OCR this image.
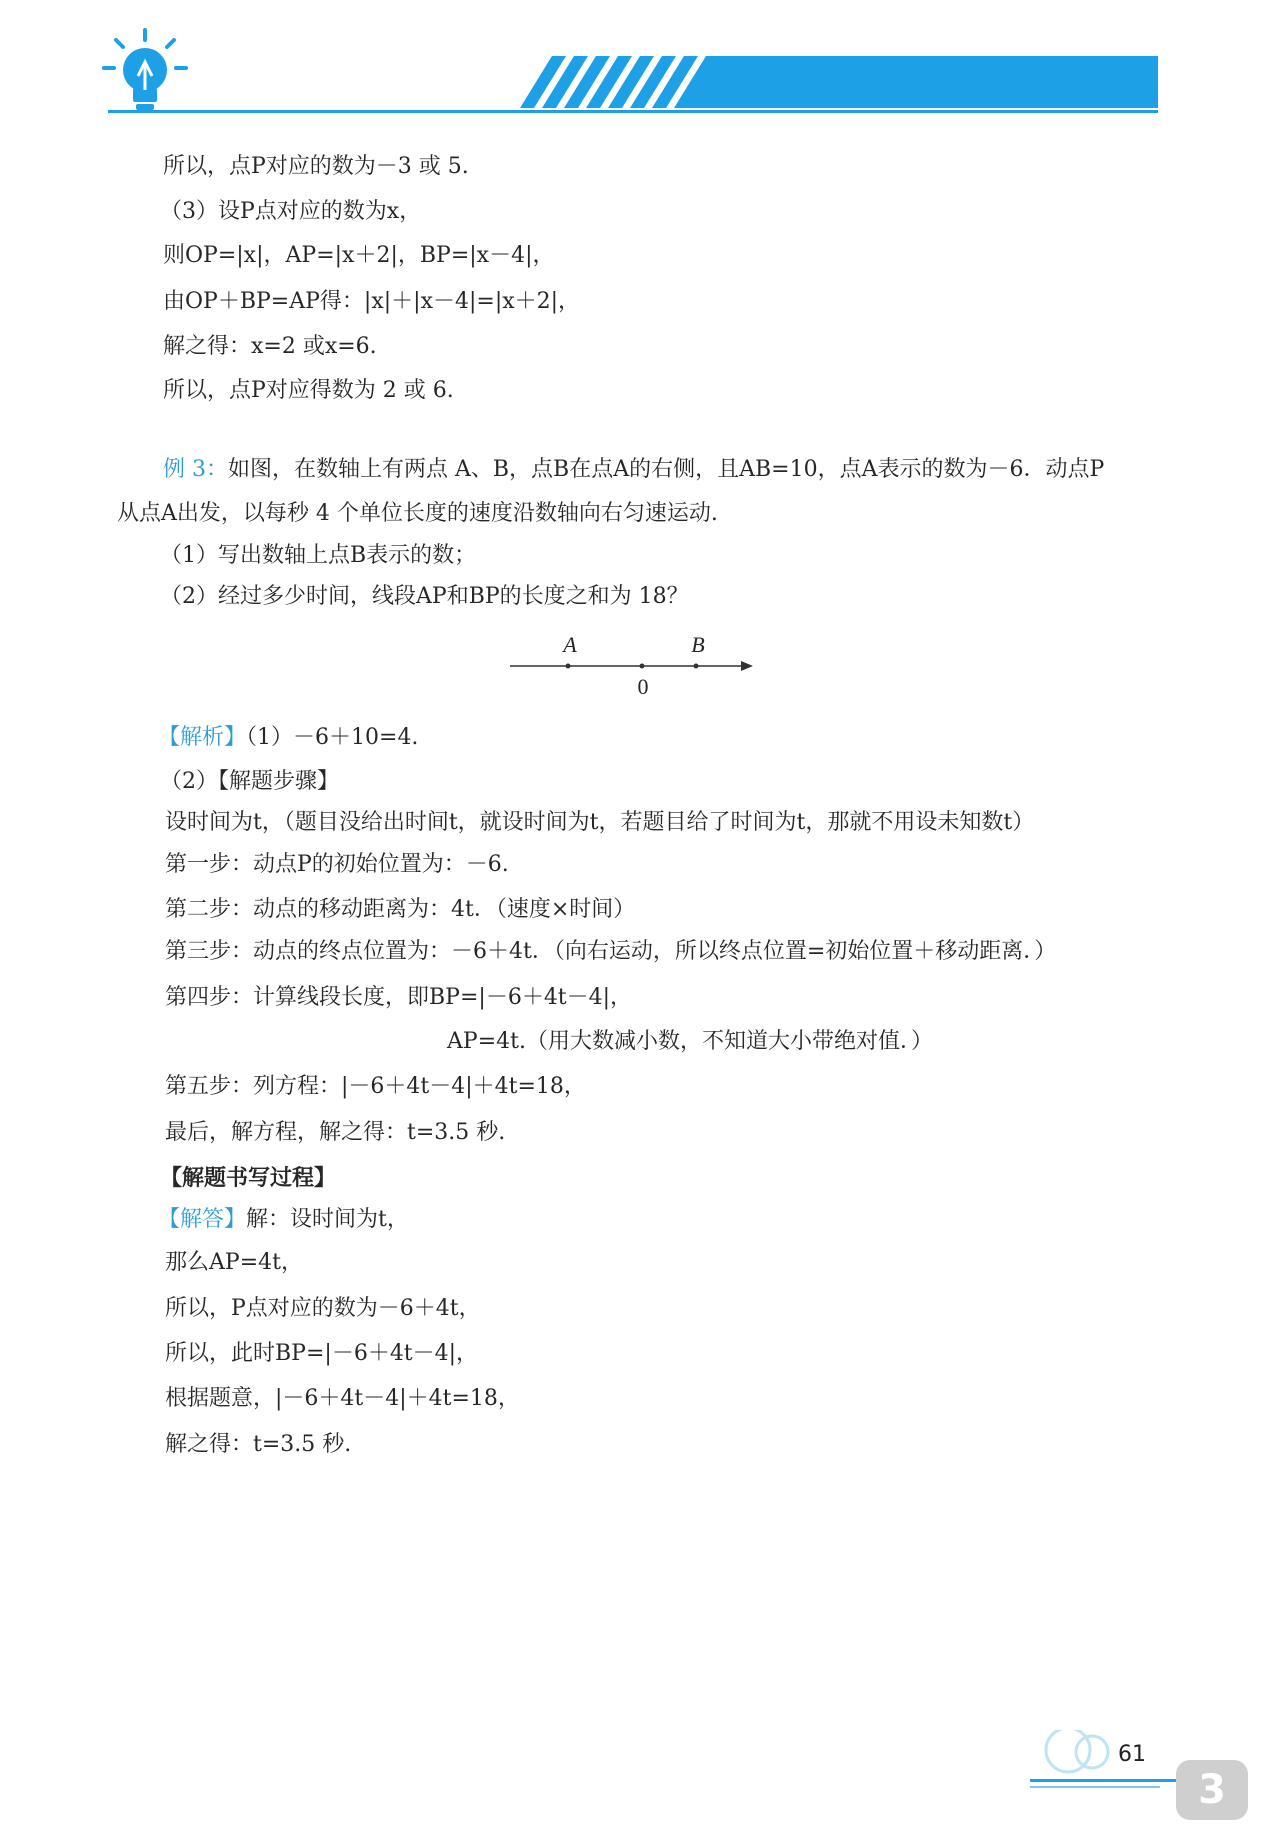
所以，点P对应的数为－3 或 5.
（3）设P点对应的数为x，
则OP=|x|，AP=|x＋2|，BP=|x－4|，
由OP＋BP=AP得：|x|＋|x－4|=|x＋2|，
解之得：x=2 或x=6.
所以，点P对应得数为 2 或 6.
例 3：如图，在数轴上有两点 A、B，点B在点A的右侧，且AB=10，点A表示的数为－6．动点P
从点A出发，以每秒 4 个单位长度的速度沿数轴向右匀速运动.
（1）写出数轴上点B表示的数；
（2）经过多少时间，线段AP和BP的长度之和为 18？
A	B
0
【解析】（1）－6＋10=4.
（2）【解题步骤】
设时间为t，（题目没给出时间t，就设时间为t，若题目给了时间为t，那就不用设未知数t）
第一步：动点P的初始位置为：－6.
第二步：动点的移动距离为：4t．（速度×时间）
第三步：动点的终点位置为：－6＋4t．（向右运动，所以终点位置=初始位置＋移动距离．）
第四步：计算线段长度，即BP=|－6＋4t－4|，
AP=4t.（用大数减小数，不知道大小带绝对值．）
第五步：列方程：|－6＋4t－4|＋4t=18，
最后，解方程，解之得：t=3.5 秒.
【解题书写过程】
【解答】解：设时间为t，
那么AP=4t，
所以，P点对应的数为－6＋4t，
所以，此时BP=|－6＋4t－4|，
根据题意，|－6＋4t－4|＋4t=18，
解之得：t=3.5 秒.
61
3
